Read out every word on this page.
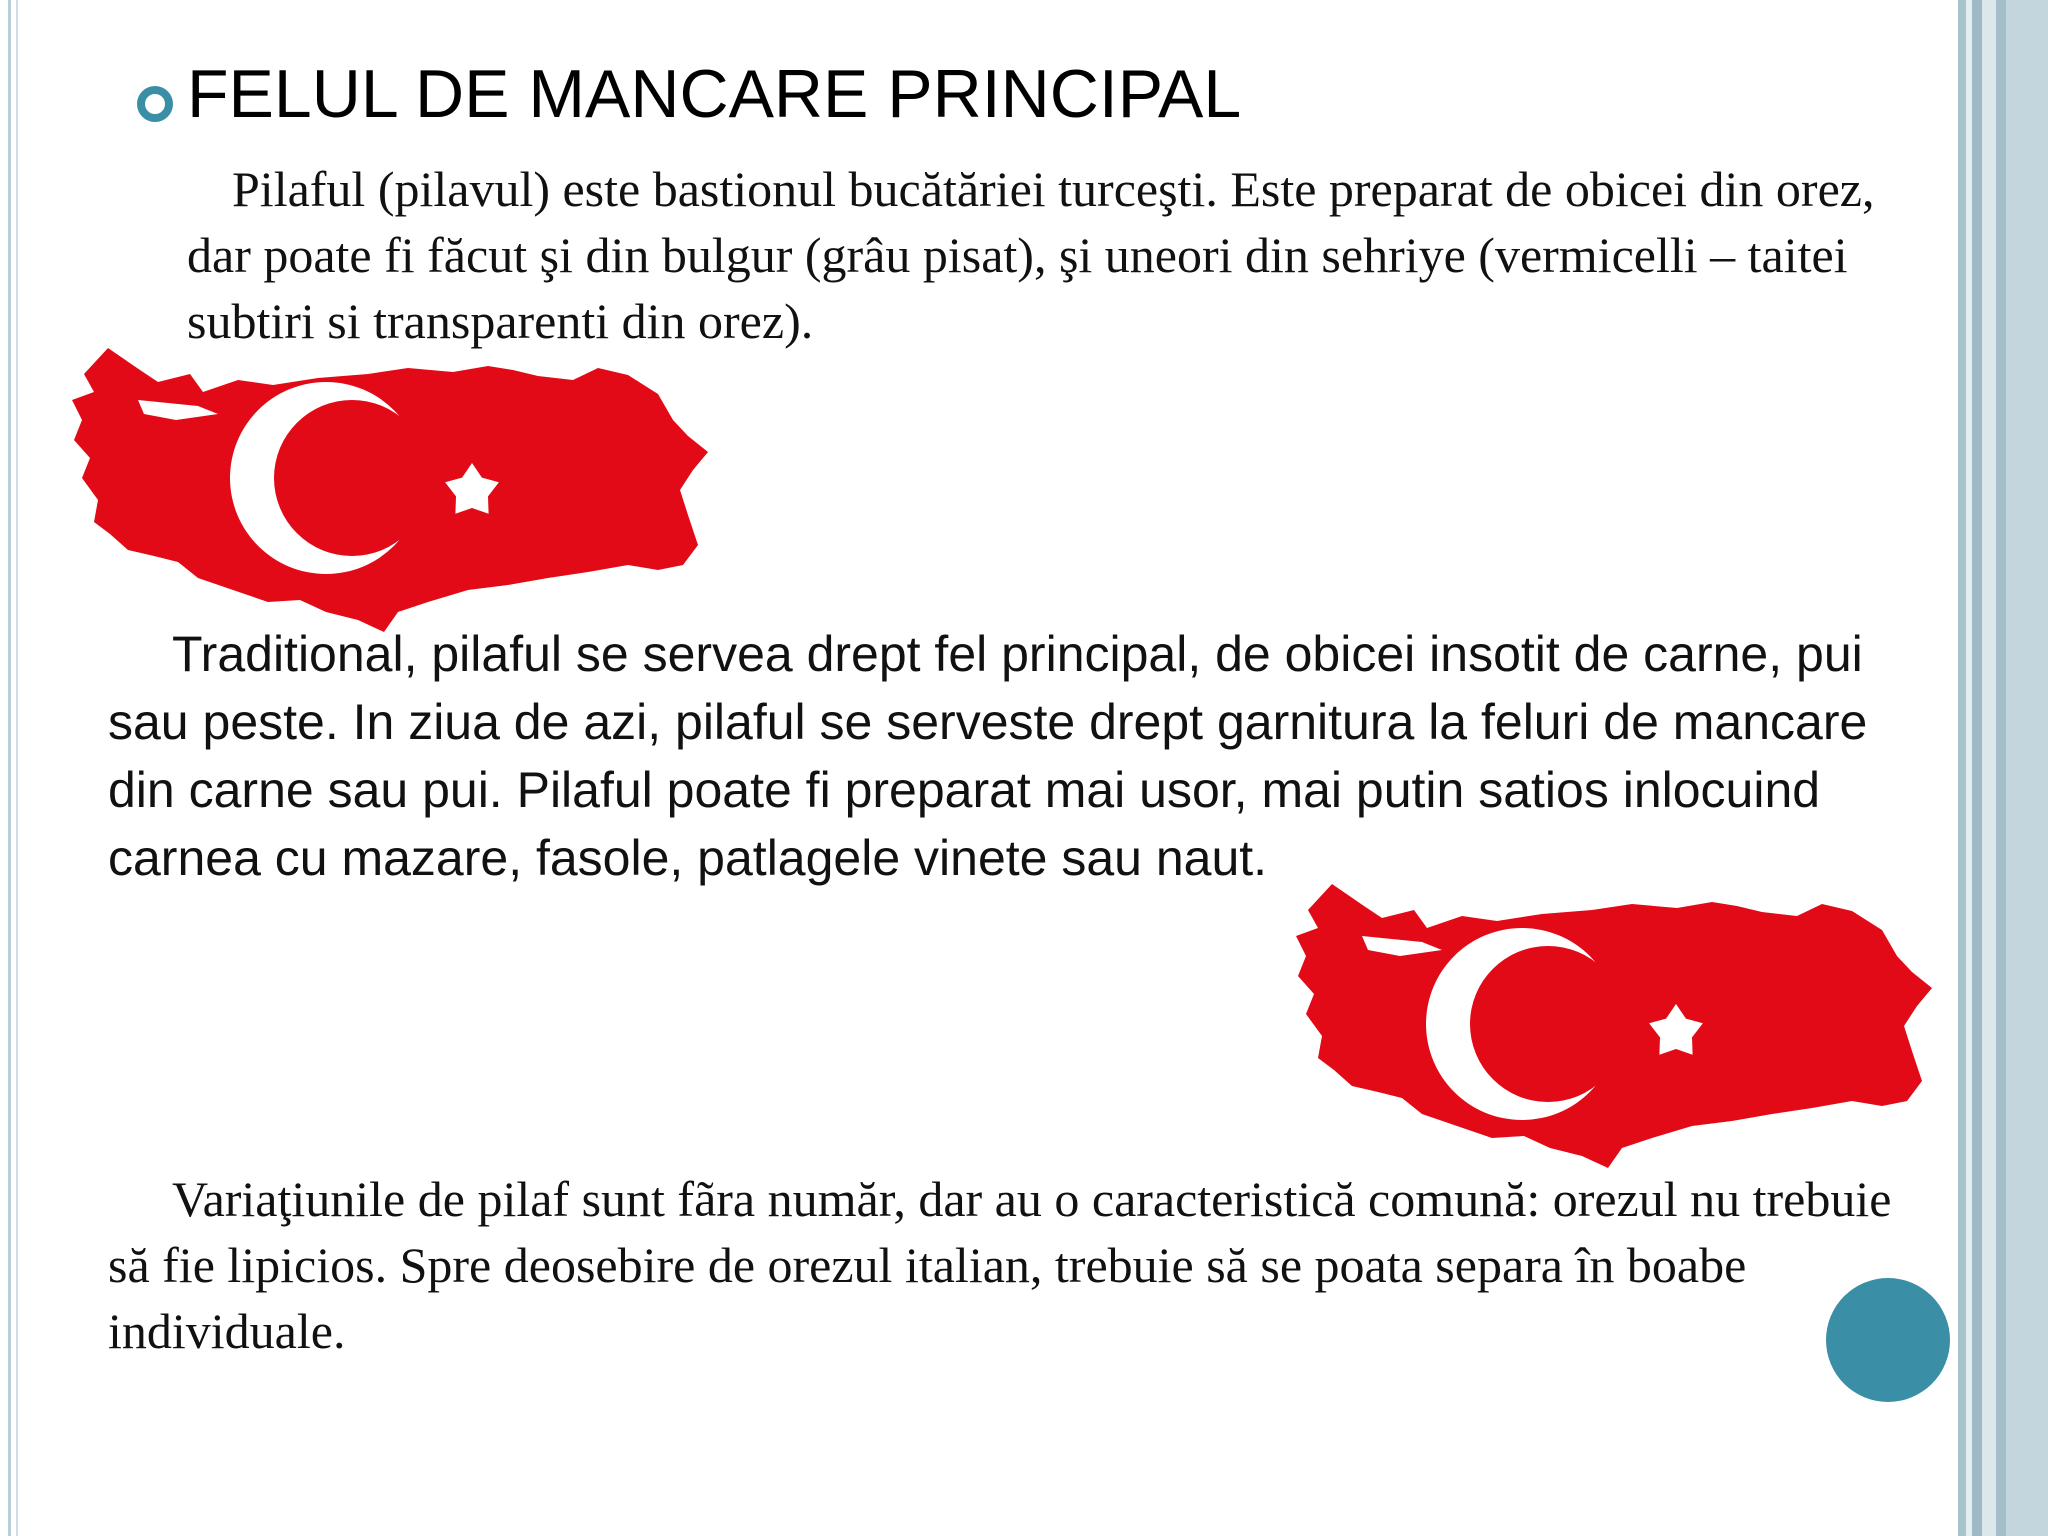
FELUL DE MANCARE PRINCIPAL

Pilaful (pilavul) este bastionul bucătăriei turceşti. Este preparat de obicei din orez, dar poate fi făcut şi din bulgur (grâu pisat), şi uneori din sehriye (vermicelli – taitei subtiri si transparenti din orez).

Traditional, pilaful se servea drept fel principal, de obicei insotit de carne, pui sau peste. In ziua de azi, pilaful se serveste drept garnitura la feluri de mancare din carne sau pui. Pilaful poate fi preparat mai usor, mai putin satios inlocuind carnea cu mazare, fasole, patlagele vinete sau naut.

Variaţiunile de pilaf sunt fãra număr, dar au o caracteristică comună: orezul nu trebuie să fie lipicios. Spre deosebire de orezul italian, trebuie să se poata separa în boabe individuale.
